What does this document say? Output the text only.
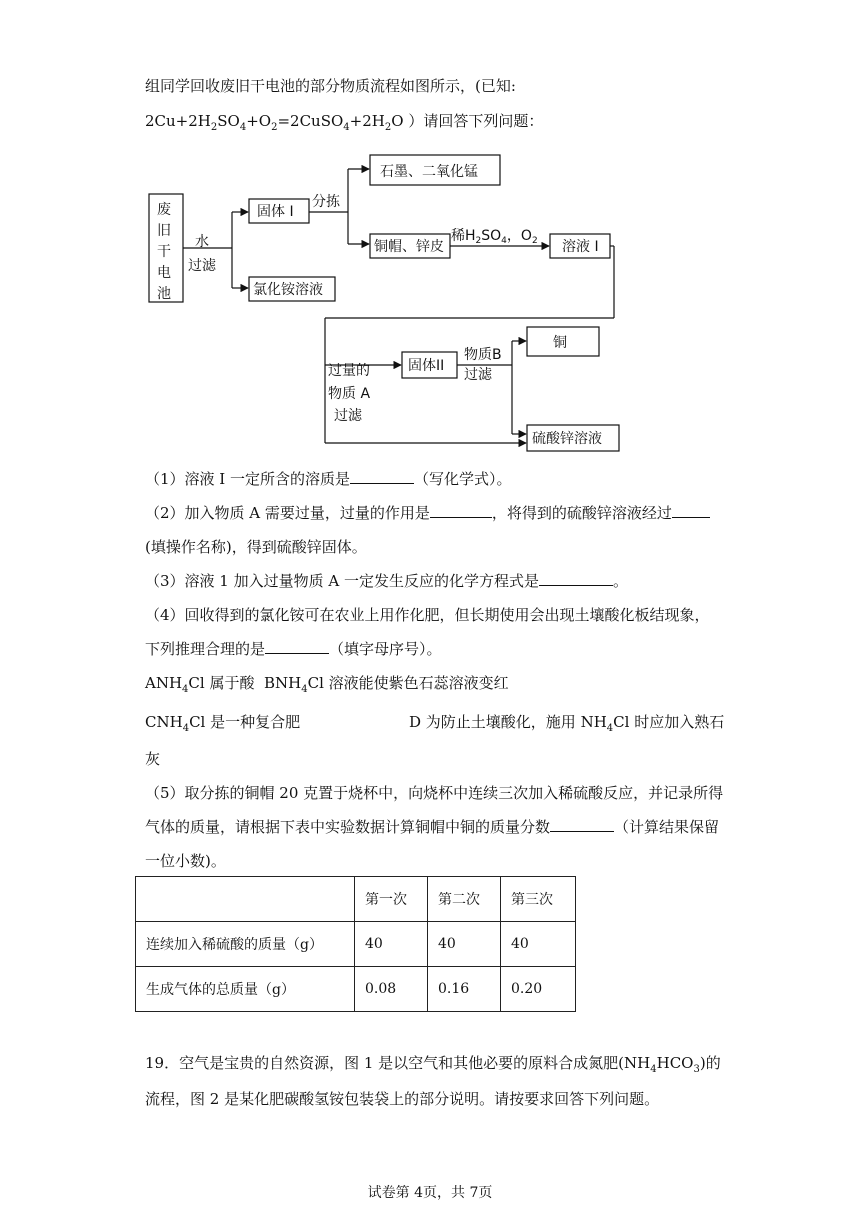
组同学回收废旧干电池的部分物质流程如图所示，(已知:
$2Cu+2H_2SO_4+O_2=2CuSO_4+2H_2O$ ）请回答下列问题：
废
旧
干
电
池
水
过滤
固体 I
分拣
石墨、二氧化锰
铜帽、锌皮
稀$H_2SO_4$，$O_2$ 溶液 I
氯化铵溶液
过量的
物质 A
过滤
固体II
物质B
过滤
铜
硫酸锌溶液
（1）溶液 I 一定所含的溶质是	（写化学式）。
（2）加入物质 A 需要过量，过量的作用是	，将得到的硫酸锌溶液经过
(填操作名称)，得到硫酸锌固体。
（3）溶液 1 加入过量物质 A 一定发生反应的化学方程式是	。
（4）回收得到的氯化铵可在农业上用作化肥，但长期使用会出现土壤酸化板结现象，
下列推理合理的是	（填字母序号）。
$ANH_4Cl$ 属于酸 $BNH_4Cl$ 溶液能使紫色石蕊溶液变红
$CNH_4Cl$ 是一种复合肥	D 为防止土壤酸化，施用 $NH_4Cl$ 时应加入熟石
灰
（5）取分拣的铜帽 20 克置于烧杯中，向烧杯中连续三次加入稀硫酸反应，并记录所得
气体的质量，请根据下表中实验数据计算铜帽中铜的质量分数	（计算结果保留
一位小数)。
	第一次	第二次	第三次
连续加入稀硫酸的质量（g）	40	40	40
生成气体的总质量（g）	0.08	0.16	0.20
19．空气是宝贵的自然资源，图 1 是以空气和其他必要的原料合成氮肥$(NH_4HCO_3)$的
流程，图 2 是某化肥碳酸氢铵包装袋上的部分说明。请按要求回答下列问题。
试卷第 4页，共 7页
